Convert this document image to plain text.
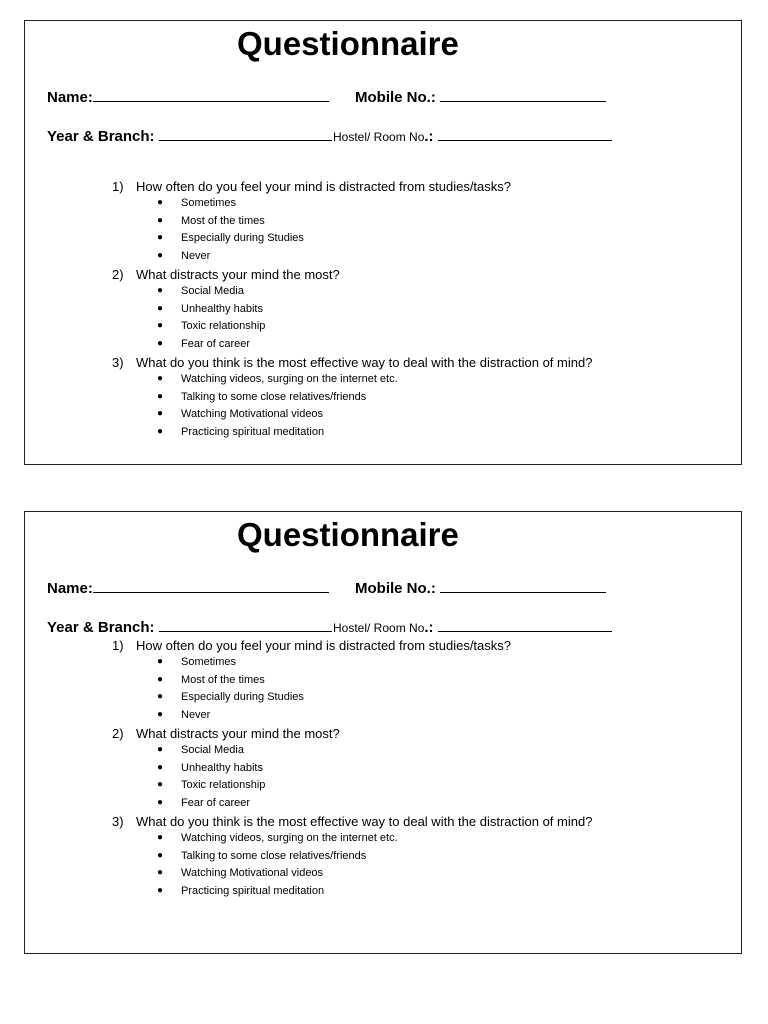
Questionnaire
Name:	Mobile No.:
Year & Branch:	Hostel/ Room No.:
1) How often do you feel your mind is distracted from studies/tasks?
● Sometimes
● Most of the times
● Especially during Studies
● Never
2) What distracts your mind the most?
● Social Media
● Unhealthy habits
● Toxic relationship
● Fear of career
3) What do you think is the most effective way to deal with the distraction of mind?
● Watching videos, surging on the internet etc.
● Talking to some close relatives/friends
● Watching Motivational videos
● Practicing spiritual meditation
Questionnaire
Name:	Mobile No.:
Year & Branch:	Hostel/ Room No.:
1) How often do you feel your mind is distracted from studies/tasks?
● Sometimes
● Most of the times
● Especially during Studies
● Never
2) What distracts your mind the most?
● Social Media
● Unhealthy habits
● Toxic relationship
● Fear of career
3) What do you think is the most effective way to deal with the distraction of mind?
● Watching videos, surging on the internet etc.
● Talking to some close relatives/friends
● Watching Motivational videos
● Practicing spiritual meditation
